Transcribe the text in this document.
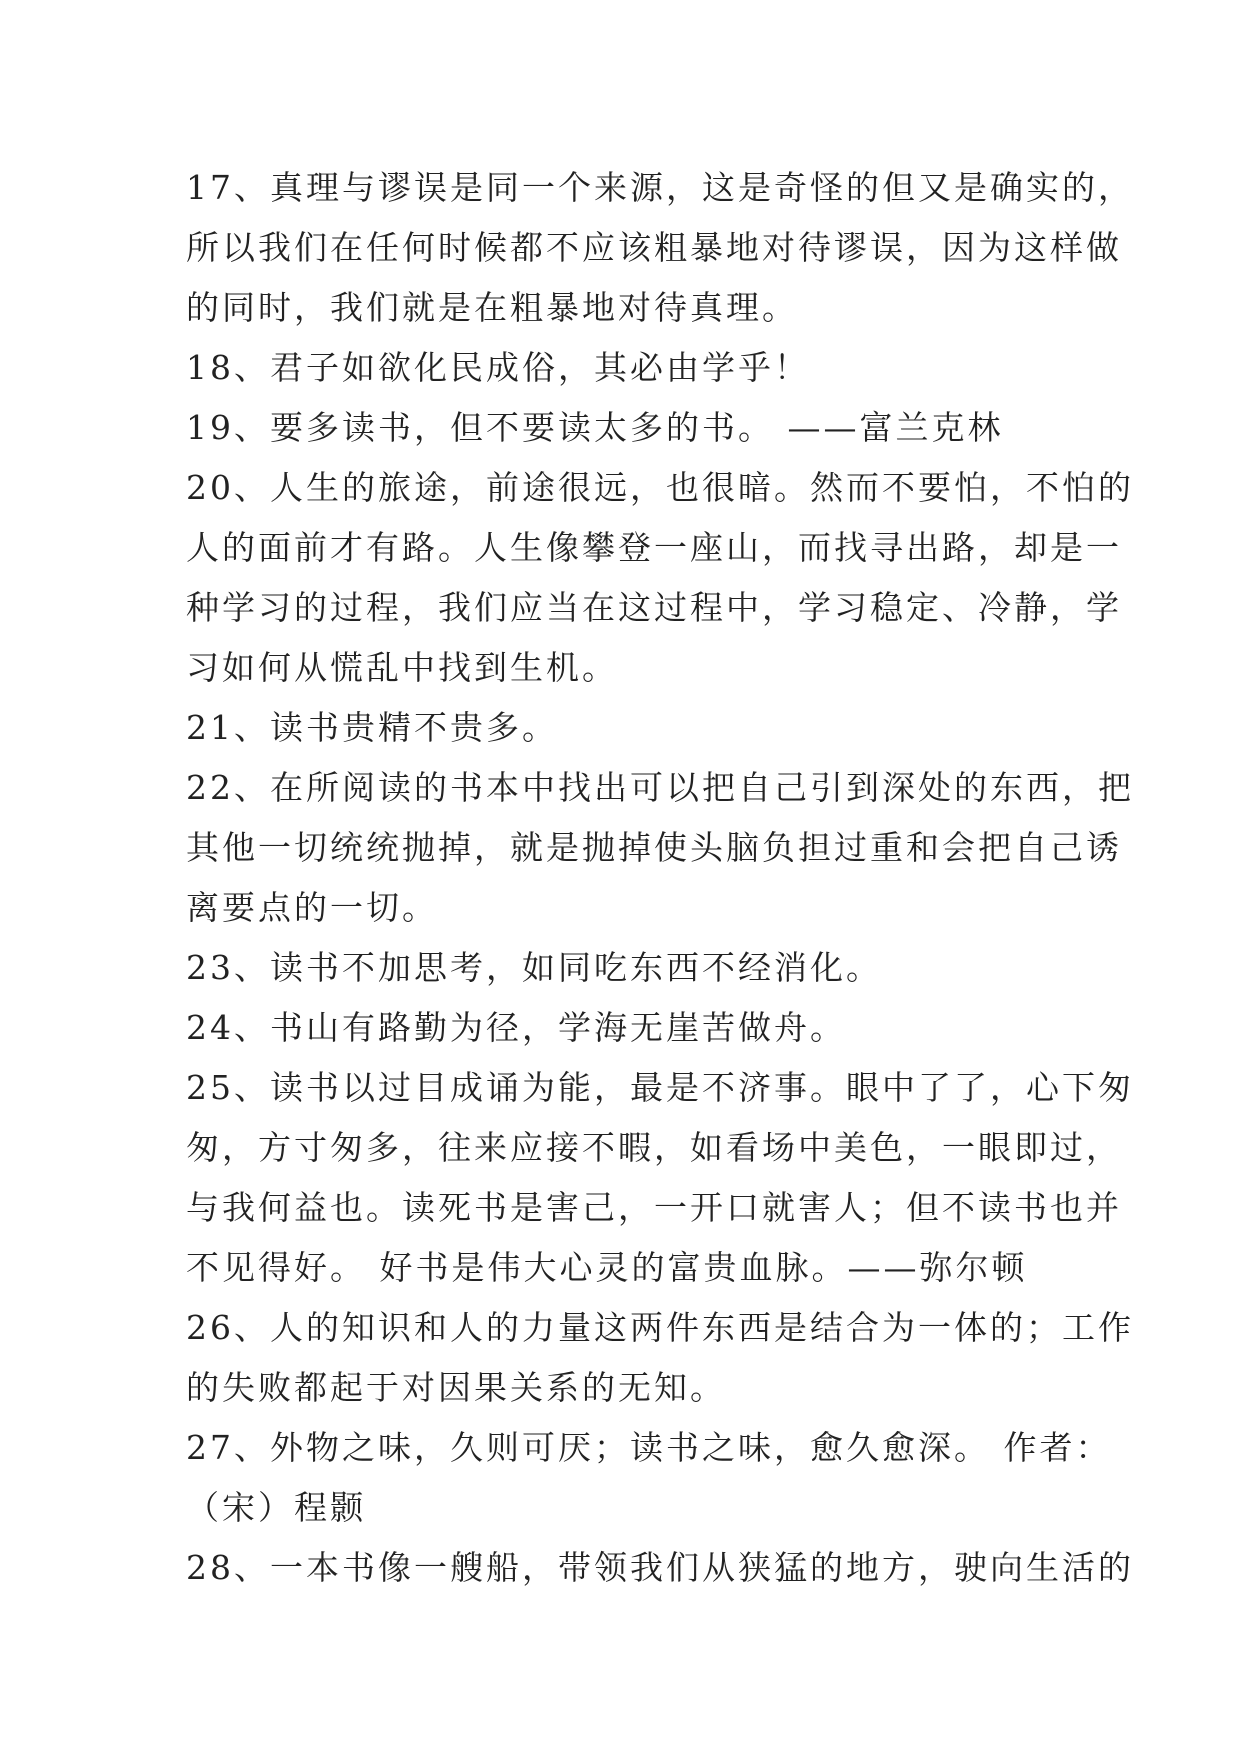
17、真理与谬误是同一个来源，这是奇怪的但又是确实的，
所以我们在任何时候都不应该粗暴地对待谬误，因为这样做
的同时，我们就是在粗暴地对待真理。

18、君子如欲化民成俗，其必由学乎！

19、要多读书，但不要读太多的书。 ——富兰克林

20、人生的旅途，前途很远，也很暗。然而不要怕，不怕的
人的面前才有路。人生像攀登一座山，而找寻出路，却是一
种学习的过程，我们应当在这过程中，学习稳定、冷静，学
习如何从慌乱中找到生机。

21、读书贵精不贵多。

22、在所阅读的书本中找出可以把自己引到深处的东西，把
其他一切统统抛掉，就是抛掉使头脑负担过重和会把自己诱
离要点的一切。

23、读书不加思考，如同吃东西不经消化。

24、书山有路勤为径，学海无崖苦做舟。

25、读书以过目成诵为能，最是不济事。眼中了了，心下匆
匆，方寸匆多，往来应接不暇，如看场中美色，一眼即过，
与我何益也。读死书是害己，一开口就害人；但不读书也并
不见得好。 好书是伟大心灵的富贵血脉。——弥尔顿

26、人的知识和人的力量这两件东西是结合为一体的；工作
的失败都起于对因果关系的无知。

27、外物之味，久则可厌；读书之味，愈久愈深。 作者：
（宋）程颢

28、一本书像一艘船，带领我们从狭猛的地方，驶向生活的
